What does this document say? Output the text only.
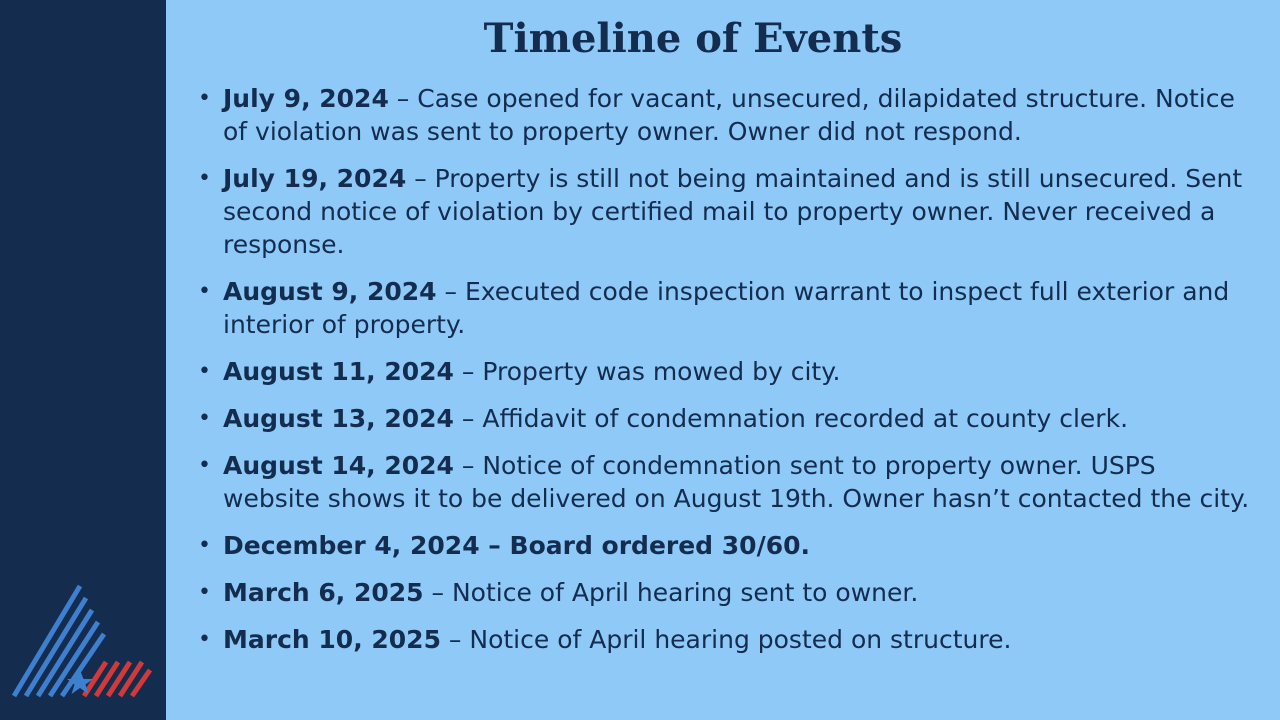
Timeline of Events
• July 9, 2024 – Case opened for vacant, unsecured, dilapidated structure. Notice of violation was sent to property owner. Owner did not respond.
• July 19, 2024 – Property is still not being maintained and is still unsecured. Sent second notice of violation by certified mail to property owner. Never received a response.
• August 9, 2024 – Executed code inspection warrant to inspect full exterior and interior of property.
• August 11, 2024 – Property was mowed by city.
• August 13, 2024 – Affidavit of condemnation recorded at county clerk.
• August 14, 2024 – Notice of condemnation sent to property owner. USPS website shows it to be delivered on August 19th. Owner hasn’t contacted the city.
• December 4, 2024 – Board ordered 30/60.
• March 6, 2025 – Notice of April hearing sent to owner.
• March 10, 2025 – Notice of April hearing posted on structure.
